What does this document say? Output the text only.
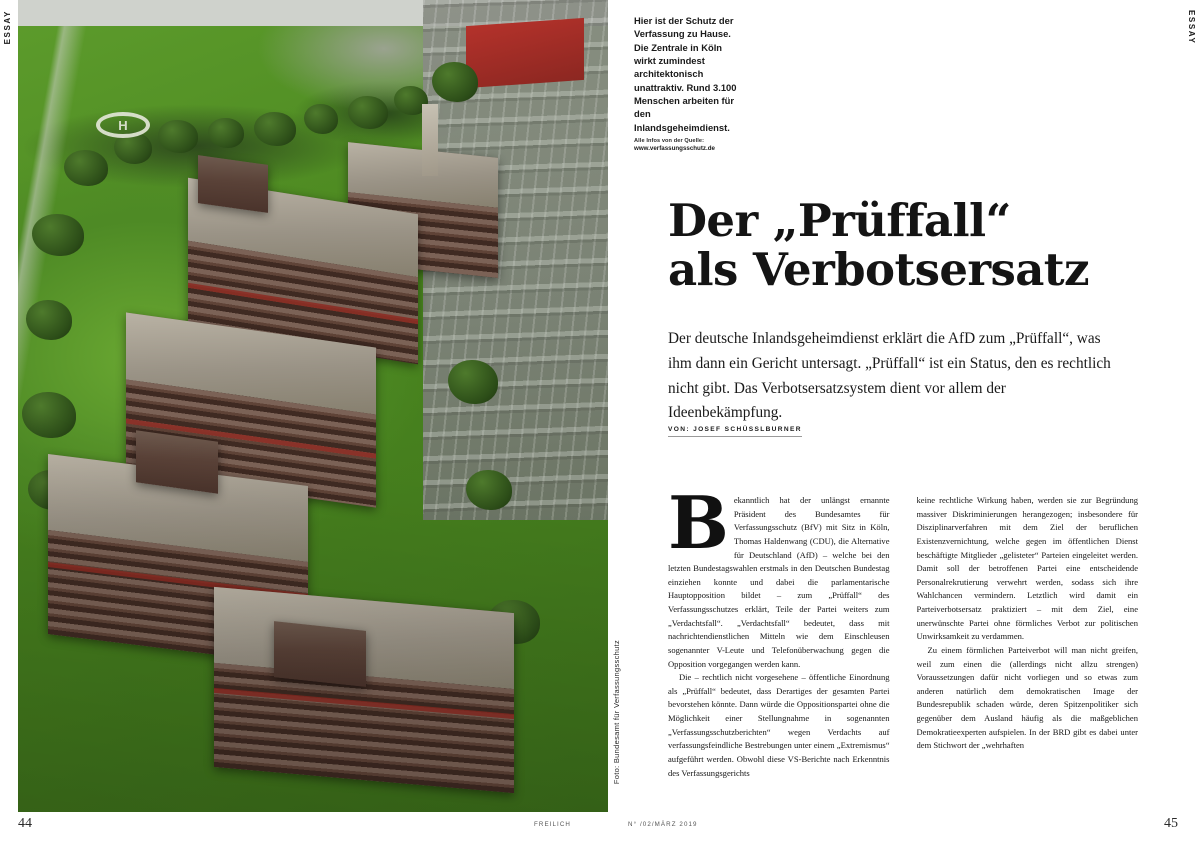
ESSAY	ESSAY
H
Foto: Bundesamt für Verfassungsschutz

Hier ist der Schutz der Verfassung zu Hause. Die Zentrale in Köln wirkt zumindest architektonisch unattraktiv. Rund 3.100 Menschen arbeiten für den Inlandsgeheimdienst.

Alle Infos von der Quelle:

www.verfassungsschutz.de

Der „Prüffall“
als Verbotsersatz

Der deutsche Inlandsgeheimdienst erklärt die AfD zum „Prüffall“, was ihm dann ein Gericht untersagt. „Prüffall“ ist ein Status, den es rechtlich nicht gibt. Das Verbotsersatzsystem dient vor allem der Ideenbekämpfung.

VON: JOSEF SCHÜSSLBURNER

Bekanntlich hat der unlängst ernannte Präsident des Bundesamtes für Verfassungsschutz (BfV) mit Sitz in Köln, Thomas Haldenwang (CDU), die Alternative für Deutschland (AfD) – welche bei den letzten Bundestagswahlen erstmals in den Deutschen Bundestag einziehen konnte und dabei die parlamentarische Hauptopposition bildet – zum „Prüffall“ des Verfassungsschutzes erklärt, Teile der Partei weiters zum „Verdachtsfall“. „Verdachtsfall“ bedeutet, dass mit nachrichtendienstlichen Mitteln wie dem Einschleusen sogenannter V-Leute und Telefonüberwachung gegen die Opposition vorgegangen werden kann.

Die – rechtlich nicht vorgesehene – öffentliche Einordnung als „Prüffall“ bedeutet, dass Derartiges der gesamten Partei bevorstehen könnte. Dann würde die Oppositionspartei ohne die Möglichkeit einer Stellungnahme in sogenannten „Verfassungsschutzberichten“ wegen Verdachts auf verfassungsfeindliche Bestrebungen unter einem „Extremismus“ aufgeführt werden. Obwohl diese VS-Berichte nach Erkenntnis des Verfassungsgerichts

keine rechtliche Wirkung haben, werden sie zur Begründung massiver Diskriminierungen herangezogen; insbesondere für Disziplinarverfahren mit dem Ziel der beruflichen Existenzvernichtung, welche gegen im öffentlichen Dienst beschäftigte Mitglieder „gelisteter“ Parteien eingeleitet werden. Damit soll der betroffenen Partei eine entscheidende Personalrekrutierung verwehrt werden, sodass sich ihre Wahlchancen vermindern. Letztlich wird damit ein Parteiverbotsersatz praktiziert – mit dem Ziel, eine unerwünschte Partei ohne förmliches Verbot zur politischen Unwirksamkeit zu verdammen.

Zu einem förmlichen Parteiverbot will man nicht greifen, weil zum einen die (allerdings nicht allzu strengen) Voraussetzungen dafür nicht vorliegen und so etwas zum anderen natürlich dem demokratischen Image der Bundesrepublik schaden würde, deren Spitzenpolitiker sich gegenüber dem Ausland häufig als die maßgeblichen Demokratieexperten aufspielen. In der BRD gibt es dabei unter dem Stichwort der „wehrhaften

44	45
FREILICH	N° /02/MÄRZ 2019
